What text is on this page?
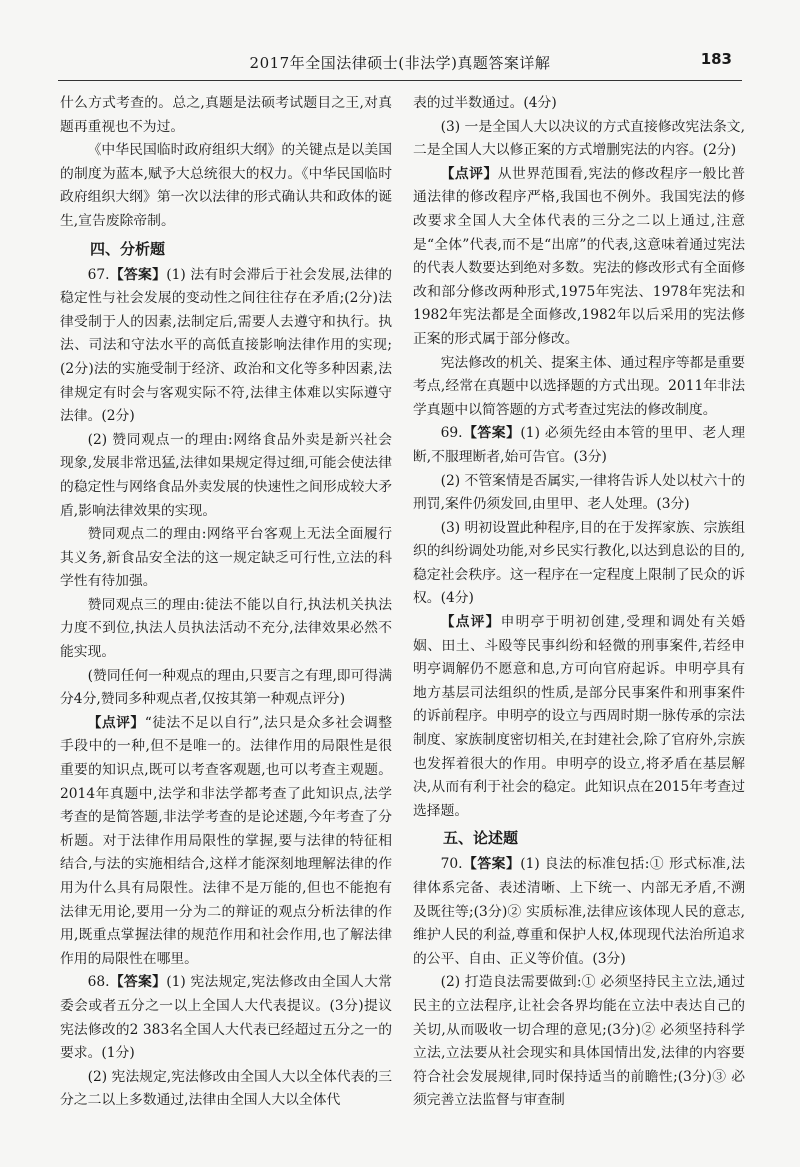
2017年全国法律硕士(非法学)真题答案详解	183

什么方式考查的。总之,真题是法硕考试题目之王,对真题再重视也不为过。

《中华民国临时政府组织大纲》的关键点是以美国的制度为蓝本,赋予大总统很大的权力。《中华民国临时政府组织大纲》第一次以法律的形式确认共和政体的诞生,宣告废除帝制。

四、分析题

67.【答案】(1) 法有时会滞后于社会发展,法律的稳定性与社会发展的变动性之间往往存在矛盾;(2分)法律受制于人的因素,法制定后,需要人去遵守和执行。执法、司法和守法水平的高低直接影响法律作用的实现;(2分)法的实施受制于经济、政治和文化等多种因素,法律规定有时会与客观实际不符,法律主体难以实际遵守法律。(2分)

(2) 赞同观点一的理由:网络食品外卖是新兴社会现象,发展非常迅猛,法律如果规定得过细,可能会使法律的稳定性与网络食品外卖发展的快速性之间形成较大矛盾,影响法律效果的实现。

赞同观点二的理由:网络平台客观上无法全面履行其义务,新食品安全法的这一规定缺乏可行性,立法的科学性有待加强。

赞同观点三的理由:徒法不能以自行,执法机关执法力度不到位,执法人员执法活动不充分,法律效果必然不能实现。

(赞同任何一种观点的理由,只要言之有理,即可得满分4分,赞同多种观点者,仅按其第一种观点评分)

【点评】“徒法不足以自行”,法只是众多社会调整手段中的一种,但不是唯一的。法律作用的局限性是很重要的知识点,既可以考查客观题,也可以考查主观题。2014年真题中,法学和非法学都考查了此知识点,法学考查的是简答题,非法学考查的是论述题,今年考查了分析题。对于法律作用局限性的掌握,要与法律的特征相结合,与法的实施相结合,这样才能深刻地理解法律的作用为什么具有局限性。法律不是万能的,但也不能抱有法律无用论,要用一分为二的辩证的观点分析法律的作用,既重点掌握法律的规范作用和社会作用,也了解法律作用的局限性在哪里。

68.【答案】(1) 宪法规定,宪法修改由全国人大常委会或者五分之一以上全国人大代表提议。(3分)提议宪法修改的2 383名全国人大代表已经超过五分之一的要求。(1分)

(2) 宪法规定,宪法修改由全国人大以全体代表的三分之二以上多数通过,法律由全国人大以全体代

表的过半数通过。(4分)

(3) 一是全国人大以决议的方式直接修改宪法条文,二是全国人大以修正案的方式增删宪法的内容。(2分)

【点评】从世界范围看,宪法的修改程序一般比普通法律的修改程序严格,我国也不例外。我国宪法的修改要求全国人大全体代表的三分之二以上通过,注意是“全体”代表,而不是“出席”的代表,这意味着通过宪法的代表人数要达到绝对多数。宪法的修改形式有全面修改和部分修改两种形式,1975年宪法、1978年宪法和1982年宪法都是全面修改,1982年以后采用的宪法修正案的形式属于部分修改。

宪法修改的机关、提案主体、通过程序等都是重要考点,经常在真题中以选择题的方式出现。2011年非法学真题中以简答题的方式考查过宪法的修改制度。

69.【答案】(1) 必须先经由本管的里甲、老人理断,不服理断者,始可告官。(3分)

(2) 不管案情是否属实,一律将告诉人处以杖六十的刑罚,案件仍须发回,由里甲、老人处理。(3分)

(3) 明初设置此种程序,目的在于发挥家族、宗族组织的纠纷调处功能,对乡民实行教化,以达到息讼的目的,稳定社会秩序。这一程序在一定程度上限制了民众的诉权。(4分)

【点评】申明亭于明初创建,受理和调处有关婚姻、田土、斗殴等民事纠纷和轻微的刑事案件,若经申明亭调解仍不愿意和息,方可向官府起诉。申明亭具有地方基层司法组织的性质,是部分民事案件和刑事案件的诉前程序。申明亭的设立与西周时期一脉传承的宗法制度、家族制度密切相关,在封建社会,除了官府外,宗族也发挥着很大的作用。申明亭的设立,将矛盾在基层解决,从而有利于社会的稳定。此知识点在2015年考查过选择题。

五、论述题

70.【答案】(1) 良法的标准包括:① 形式标准,法律体系完备、表述清晰、上下统一、内部无矛盾,不溯及既往等;(3分)② 实质标准,法律应该体现人民的意志,维护人民的利益,尊重和保护人权,体现现代法治所追求的公平、自由、正义等价值。(3分)

(2) 打造良法需要做到:① 必须坚持民主立法,通过民主的立法程序,让社会各界均能在立法中表达自己的关切,从而吸收一切合理的意见;(3分)② 必须坚持科学立法,立法要从社会现实和具体国情出发,法律的内容要符合社会发展规律,同时保持适当的前瞻性;(3分)③ 必须完善立法监督与审查制
